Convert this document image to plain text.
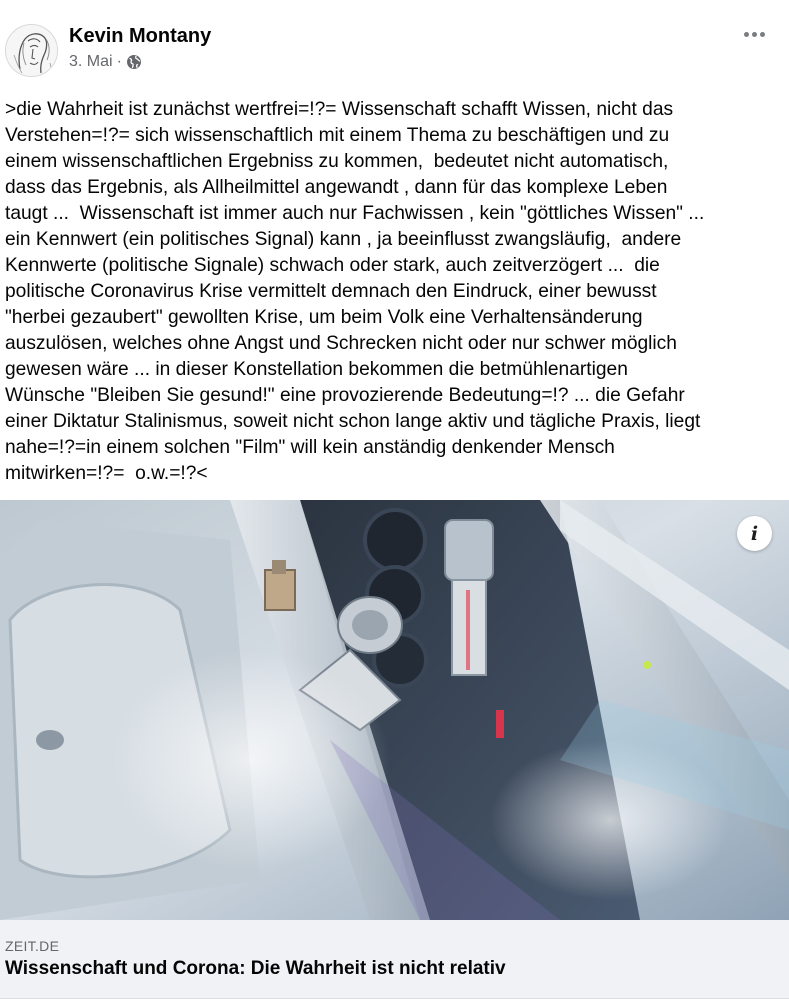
Kevin Montany
3. Mai ·
>die Wahrheit ist zunächst wertfrei=!?= Wissenschaft schafft Wissen, nicht das
Verstehen=!?= sich wissenschaftlich mit einem Thema zu beschäftigen und zu
einem wissenschaftlichen Ergebniss zu kommen,  bedeutet nicht automatisch,
dass das Ergebnis, als Allheilmittel angewandt , dann für das komplexe Leben
taugt ...  Wissenschaft ist immer auch nur Fachwissen , kein "göttliches Wissen" ...
ein Kennwert (ein politisches Signal) kann , ja beeinflusst zwangsläufig,  andere
Kennwerte (politische Signale) schwach oder stark, auch zeitverzögert ...  die
politische Coronavirus Krise vermittelt demnach den Eindruck, einer bewusst
"herbei gezaubert" gewollten Krise, um beim Volk eine Verhaltensänderung
auszulösen, welches ohne Angst und Schrecken nicht oder nur schwer möglich
gewesen wäre ... in dieser Konstellation bekommen die betmühlenartigen
Wünsche "Bleiben Sie gesund!" eine provozierende Bedeutung=!? ... die Gefahr
einer Diktatur Stalinismus, soweit nicht schon lange aktiv und tägliche Praxis, liegt
nahe=!?=in einem solchen "Film" will kein anständig denkender Mensch
mitwirken=!?=  o.w.=!?<
i
ZEIT.DE
Wissenschaft und Corona: Die Wahrheit ist nicht relativ
